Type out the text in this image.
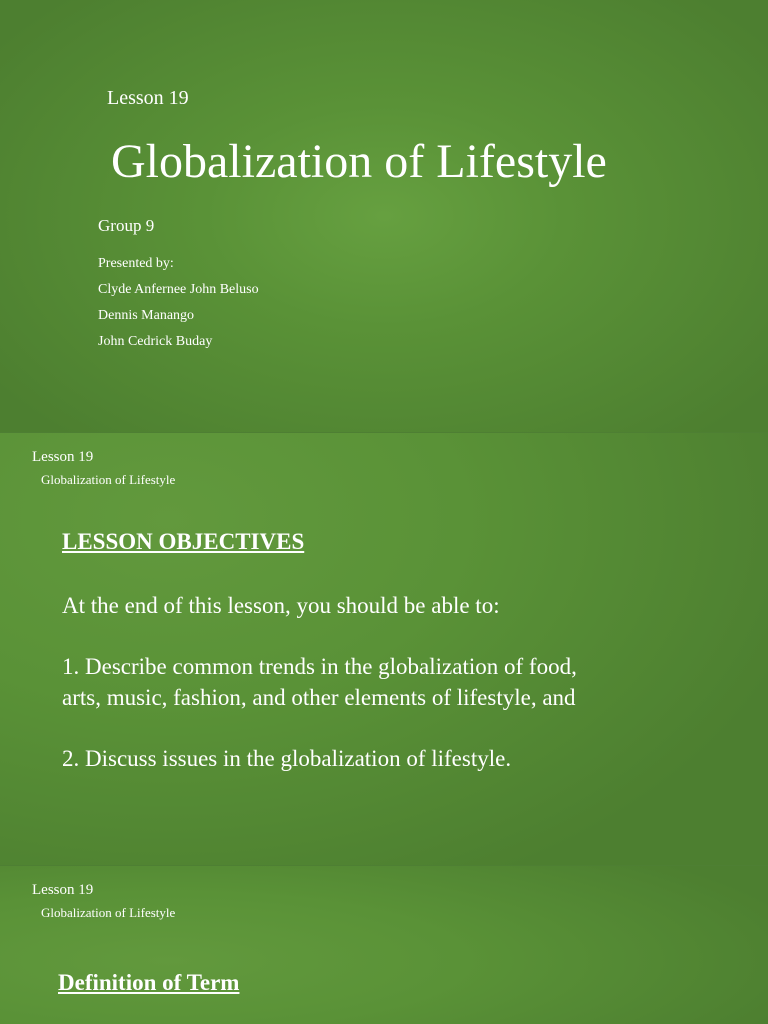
Lesson 19
Globalization of Lifestyle
Group 9
Presented by:
Clyde Anfernee John Beluso
Dennis Manango
John Cedrick Buday
Lesson 19
Globalization of Lifestyle
LESSON OBJECTIVES
At the end of this lesson, you should be able to:
1. Describe common trends in the globalization of food,
arts, music, fashion, and other elements of lifestyle, and
2. Discuss issues in the globalization of lifestyle.
Lesson 19
Globalization of Lifestyle
Definition of Term
